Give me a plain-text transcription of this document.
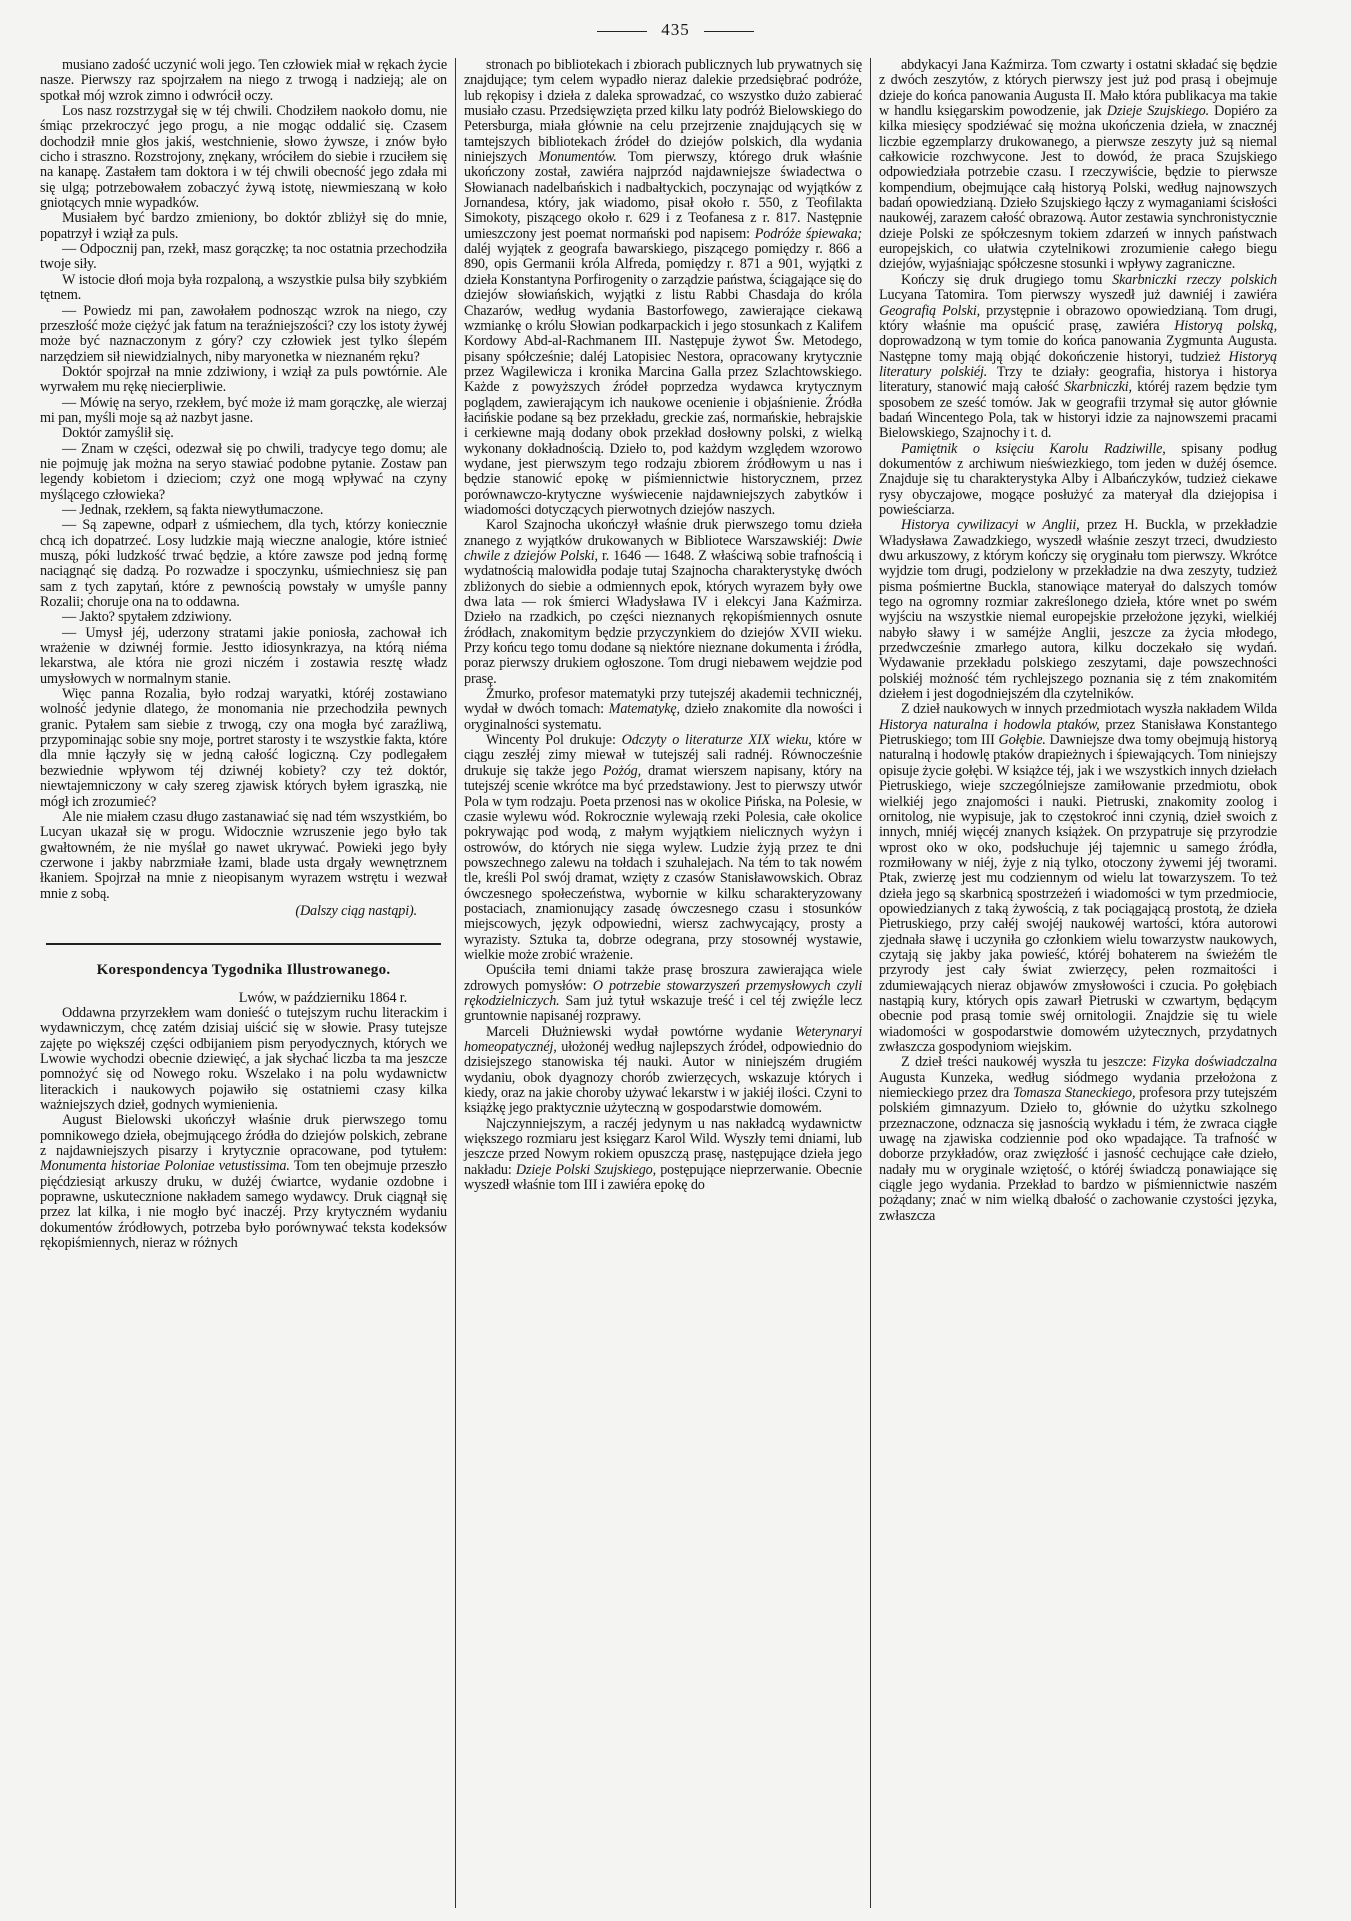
435

musiano zadość uczynić woli jego. Ten człowiek miał w rękach życie nasze. Pierwszy raz spojrzałem na niego z trwogą i nadzieją; ale on spotkał mój wzrok zimno i odwrócił oczy.

Los nasz rozstrzygał się w téj chwili. Chodziłem naokoło domu, nie śmiąc przekroczyć jego progu, a nie mogąc oddalić się. Czasem dochodził mnie głos jakiś, westchnienie, słowo żywsze, i znów było cicho i straszno. Rozstrojony, znękany, wróciłem do siebie i rzuciłem się na kanapę. Zastałem tam doktora i w téj chwili obecność jego zdała mi się ulgą; potrzebowałem zobaczyć żywą istotę, niewmieszaną w koło gniotących mnie wypadków.

Musiałem być bardzo zmieniony, bo doktór zbliżył się do mnie, popatrzył i wziął za puls.

— Odpocznij pan, rzekł, masz gorączkę; ta noc ostatnia przechodziła twoje siły.

W istocie dłoń moja była rozpaloną, a wszystkie pulsa biły szybkiém tętnem.

— Powiedz mi pan, zawołałem podnosząc wzrok na niego, czy przeszłość może ciężyć jak fatum na teraźniejszości? czy los istoty żywéj może być naznaczonym z góry? czy człowiek jest tylko ślepém narzędziem sił niewidzialnych, niby maryonetka w nieznaném ręku?

Doktór spojrzał na mnie zdziwiony, i wziął za puls powtórnie. Ale wyrwałem mu rękę niecierpliwie.

— Mówię na seryo, rzekłem, być może iż mam gorączkę, ale wierzaj mi pan, myśli moje są aż nazbyt jasne.

Doktór zamyślił się.

— Znam w części, odezwał się po chwili, tradycye tego domu; ale nie pojmuję jak można na seryo stawiać podobne pytanie. Zostaw pan legendy kobietom i dzieciom; czyż one mogą wpływać na czyny myślącego człowieka?

— Jednak, rzekłem, są fakta niewytłumaczone.

— Są zapewne, odparł z uśmiechem, dla tych, którzy koniecznie chcą ich dopatrzeć. Losy ludzkie mają wieczne analogie, które istnieć muszą, póki ludzkość trwać będzie, a które zawsze pod jedną formę naciągnąć się dadzą. Po rozwadze i spoczynku, uśmiechniesz się pan sam z tych zapytań, które z pewnością powstały w umyśle panny Rozalii; choruje ona na to oddawna.

— Jakto? spytałem zdziwiony.

— Umysł jéj, uderzony stratami jakie poniosła, zachował ich wrażenie w dziwnéj formie. Jestto idiosynkrazya, na którą niéma lekarstwa, ale która nie grozi niczém i zostawia resztę władz umysłowych w normalnym stanie.

Więc panna Rozalia, było rodzaj waryatki, któréj zostawiano wolność jedynie dlatego, że monomania nie przechodziła pewnych granic. Pytałem sam siebie z trwogą, czy ona mogła być zaraźliwą, przypominając sobie sny moje, portret starosty i te wszystkie fakta, które dla mnie łączyły się w jedną całość logiczną. Czy podlegałem bezwiednie wpływom téj dziwnéj kobiety? czy też doktór, niewtajemniczony w cały szereg zjawisk których byłem igraszką, nie mógł ich zrozumieć?

Ale nie miałem czasu długo zastanawiać się nad tém wszystkiém, bo Lucyan ukazał się w progu. Widocznie wzruszenie jego było tak gwałtowném, że nie myślał go nawet ukrywać. Powieki jego były czerwone i jakby nabrzmiałe łzami, blade usta drgały wewnętrznem łkaniem. Spojrzał na mnie z nieopisanym wyrazem wstrętu i wezwał mnie z sobą.

(Dalszy ciąg nastąpi).

Korespondencya Tygodnika Illustrowanego.

Lwów, w październiku 1864 r.

Oddawna przyrzekłem wam donieść o tutejszym ruchu literackim i wydawniczym, chcę zatém dzisiaj uiścić się w słowie. Prasy tutejsze zajęte po większéj części odbijaniem pism peryodycznych, których we Lwowie wychodzi obecnie dziewięć, a jak słychać liczba ta ma jeszcze pomnożyć się od Nowego roku. Wszelako i na polu wydawnictw literackich i naukowych pojawiło się ostatniemi czasy kilka ważniejszych dzieł, godnych wymienienia.

August Bielowski ukończył właśnie druk pierwszego tomu pomnikowego dzieła, obejmującego źródła do dziejów polskich, zebrane z najdawniejszych pisarzy i krytycznie opracowane, pod tytułem: Monumenta historiae Poloniae vetustissima. Tom ten obejmuje przeszło pięćdziesiąt arkuszy druku, w dużéj ćwiartce, wydanie ozdobne i poprawne, uskutecznione nakładem samego wydawcy. Druk ciągnął się przez lat kilka, i nie mogło być inaczéj. Przy krytyczném wydaniu dokumentów źródłowych, potrzeba było porównywać teksta kodeksów rękopiśmiennych, nieraz w różnych

stronach po bibliotekach i zbiorach publicznych lub prywatnych się znajdujące; tym celem wypadło nieraz dalekie przedsiębrać podróże, lub rękopisy i dzieła z daleka sprowadzać, co wszystko dużo zabierać musiało czasu. Przedsięwzięta przed kilku laty podróż Bielowskiego do Petersburga, miała głównie na celu przejrzenie znajdujących się w tamtejszych bibliotekach źródeł do dziejów polskich, dla wydania niniejszych Monumentów. Tom pierwszy, którego druk właśnie ukończony został, zawiéra najprzód najdawniejsze świadectwa o Słowianach nadelbańskich i nadbałtyckich, poczynając od wyjątków z Jornandesa, który, jak wiadomo, pisał około r. 550, z Teofilakta Simokoty, piszącego około r. 629 i z Teofanesa z r. 817. Następnie umieszczony jest poemat normański pod napisem: Podróże śpiewaka; daléj wyjątek z geografa bawarskiego, piszącego pomiędzy r. 866 a 890, opis Germanii króla Alfreda, pomiędzy r. 871 a 901, wyjątki z dzieła Konstantyna Porfirogenity o zarządzie państwa, ściągające się do dziejów słowiańskich, wyjątki z listu Rabbi Chasdaja do króla Chazarów, według wydania Bastorfowego, zawierające ciekawą wzmiankę o królu Słowian podkarpackich i jego stosunkach z Kalifem Kordowy Abd-al-Rachmanem III. Następuje żywot Św. Metodego, pisany spółcześnie; daléj Latopisiec Nestora, opracowany krytycznie przez Wagilewicza i kronika Marcina Galla przez Szlachtowskiego. Każde z powyższych źródeł poprzedza wydawca krytycznym poglądem, zawierającym ich naukowe ocenienie i objaśnienie. Źródła łacińskie podane są bez przekładu, greckie zaś, normańskie, hebrajskie i cerkiewne mają dodany obok przekład dosłowny polski, z wielką wykonany dokładnością. Dzieło to, pod każdym względem wzorowo wydane, jest pierwszym tego rodzaju zbiorem źródłowym u nas i będzie stanowić epokę w piśmiennictwie historycznem, przez porównawczo-krytyczne wyświecenie najdawniejszych zabytków i wiadomości dotyczących pierwotnych dziejów naszych.

Karol Szajnocha ukończył właśnie druk pierwszego tomu dzieła znanego z wyjątków drukowanych w Bibliotece Warszawskiéj: Dwie chwile z dziejów Polski, r. 1646 — 1648. Z właściwą sobie trafnością i wydatnością malowidła podaje tutaj Szajnocha charakterystykę dwóch zbliżonych do siebie a odmiennych epok, których wyrazem były owe dwa lata — rok śmierci Władysława IV i elekcyi Jana Kaźmirza. Dzieło na rzadkich, po części nieznanych rękopiśmiennych osnute źródłach, znakomitym będzie przyczynkiem do dziejów XVII wieku. Przy końcu tego tomu dodane są niektóre nieznane dokumenta i źródła, poraz pierwszy drukiem ogłoszone. Tom drugi niebawem wejdzie pod prasę.

Żmurko, profesor matematyki przy tutejszéj akademii technicznéj, wydał w dwóch tomach: Matematykę, dzieło znakomite dla nowości i oryginalności systematu.

Wincenty Pol drukuje: Odczyty o literaturze XIX wieku, które w ciągu zeszłéj zimy miewał w tutejszéj sali radnéj. Równocześnie drukuje się także jego Pożóg, dramat wierszem napisany, który na tutejszéj scenie wkrótce ma być przedstawiony. Jest to pierwszy utwór Pola w tym rodzaju. Poeta przenosi nas w okolice Pińska, na Polesie, w czasie wylewu wód. Rokrocznie wylewają rzeki Polesia, całe okolice pokrywając pod wodą, z małym wyjątkiem nielicznych wyżyn i ostrowów, do których nie sięga wylew. Ludzie żyją przez te dni powszechnego zalewu na tołdach i szuhalejach. Na tém to tak nowém tle, kreśli Pol swój dramat, wzięty z czasów Stanisławowskich. Obraz ówczesnego społeczeństwa, wybornie w kilku scharakteryzowany postaciach, znamionujący zasadę ówczesnego czasu i stosunków miejscowych, język odpowiedni, wiersz zachwycający, prosty a wyrazisty. Sztuka ta, dobrze odegrana, przy stosownéj wystawie, wielkie może zrobić wrażenie.

Opuściła temi dniami także prasę broszura zawierająca wiele zdrowych pomysłów: O potrzebie stowarzyszeń przemysłowych czyli rękodzielniczych. Sam już tytuł wskazuje treść i cel téj zwięźle lecz gruntownie napisanéj rozprawy.

Marceli Dłużniewski wydał powtórne wydanie Weterynaryi homeopatycznéj, ułożonéj według najlepszych źródeł, odpowiednio do dzisiejszego stanowiska téj nauki. Autor w niniejszém drugiém wydaniu, obok dyagnozy chorób zwierzęcych, wskazuje których i kiedy, oraz na jakie choroby używać lekarstw i w jakiéj ilości. Czyni to książkę jego praktycznie użyteczną w gospodarstwie domowém.

Najczynniejszym, a raczéj jedynym u nas nakładcą wydawnictw większego rozmiaru jest księgarz Karol Wild. Wyszły temi dniami, lub jeszcze przed Nowym rokiem opuszczą prasę, następujące dzieła jego nakładu: Dzieje Polski Szujskiego, postępujące nieprzerwanie. Obecnie wyszedł właśnie tom III i zawiéra epokę do

abdykacyi Jana Kaźmirza. Tom czwarty i ostatni składać się będzie z dwóch zeszytów, z których pierwszy jest już pod prasą i obejmuje dzieje do końca panowania Augusta II. Mało która publikacya ma takie w handlu księgarskim powodzenie, jak Dzieje Szujskiego. Dopiéro za kilka miesięcy spodziéwać się można ukończenia dzieła, w znacznéj liczbie egzemplarzy drukowanego, a pierwsze zeszyty już są niemal całkowicie rozchwycone. Jest to dowód, że praca Szujskiego odpowiedziała potrzebie czasu. I rzeczywiście, będzie to pierwsze kompendium, obejmujące całą historyą Polski, według najnowszych badań opowiedzianą. Dzieło Szujskiego łączy z wymaganiami ścisłości naukowéj, zarazem całość obrazową. Autor zestawia synchronistycznie dzieje Polski ze spółczesnym tokiem zdarzeń w innych państwach europejskich, co ułatwia czytelnikowi zrozumienie całego biegu dziejów, wyjaśniając spółczesne stosunki i wpływy zagraniczne.

Kończy się druk drugiego tomu Skarbniczki rzeczy polskich Lucyana Tatomira. Tom pierwszy wyszedł już dawniéj i zawiéra Geografią Polski, przystępnie i obrazowo opowiedzianą. Tom drugi, który właśnie ma opuścić prasę, zawiéra Historyą polską, doprowadzoną w tym tomie do końca panowania Zygmunta Augusta. Następne tomy mają objąć dokończenie historyi, tudzież Historyą literatury polskiéj. Trzy te działy: geografia, historya i historya literatury, stanowić mają całość Skarbniczki, któréj razem będzie tym sposobem ze sześć tomów. Jak w geografii trzymał się autor głównie badań Wincentego Pola, tak w historyi idzie za najnowszemi pracami Bielowskiego, Szajnochy i t. d.

Pamiętnik o księciu Karolu Radziwille, spisany podług dokumentów z archiwum nieświezkiego, tom jeden w dużéj ósemce. Znajduje się tu charakterystyka Alby i Albańczyków, tudzież ciekawe rysy obyczajowe, mogące posłużyć za materyał dla dziejopisa i powieściarza.

Historya cywilizacyi w Anglii, przez H. Buckla, w przekładzie Władysława Zawadzkiego, wyszedł właśnie zeszyt trzeci, dwudziesto dwu arkuszowy, z którym kończy się oryginału tom pierwszy. Wkrótce wyjdzie tom drugi, podzielony w przekładzie na dwa zeszyty, tudzież pisma pośmiertne Buckla, stanowiące materyał do dalszych tomów tego na ogromny rozmiar zakreślonego dzieła, które wnet po swém wyjściu na wszystkie niemal europejskie przełożone języki, wielkiéj nabyło sławy i w saméjże Anglii, jeszcze za życia młodego, przedwcześnie zmarłego autora, kilku doczekało się wydań. Wydawanie przekładu polskiego zeszytami, daje powszechności polskiéj możność tém rychlejszego poznania się z tém znakomitém dziełem i jest dogodniejszém dla czytelników.

Z dzieł naukowych w innych przedmiotach wyszła nakładem Wilda Historya naturalna i hodowla ptaków, przez Stanisława Konstantego Pietruskiego; tom III Gołębie. Dawniejsze dwa tomy obejmują historyą naturalną i hodowlę ptaków drapieżnych i śpiewających. Tom niniejszy opisuje życie gołębi. W książce téj, jak i we wszystkich innych dziełach Pietruskiego, wieje szczególniejsze zamiłowanie przedmiotu, obok wielkiéj jego znajomości i nauki. Pietruski, znakomity zoolog i ornitolog, nie wypisuje, jak to częstokroć inni czynią, dzieł swoich z innych, mniéj więcéj znanych książek. On przypatruje się przyrodzie wprost oko w oko, podsłuchuje jéj tajemnic u samego źródła, rozmiłowany w niéj, żyje z nią tylko, otoczony żywemi jéj tworami. Ptak, zwierzę jest mu codziennym od wielu lat towarzyszem. To też dzieła jego są skarbnicą spostrzeżeń i wiadomości w tym przedmiocie, opowiedzianych z taką żywością, z tak pociągającą prostotą, że dzieła Pietruskiego, przy całéj swojéj naukowéj wartości, która autorowi zjednała sławę i uczyniła go członkiem wielu towarzystw naukowych, czytają się jakby jaka powieść, któréj bohaterem na świeżém tle przyrody jest cały świat zwierzęcy, pełen rozmaitości i zdumiewających nieraz objawów zmysłowości i czucia. Po gołębiach nastąpią kury, których opis zawarł Pietruski w czwartym, będącym obecnie pod prasą tomie swéj ornitologii. Znajdzie się tu wiele wiadomości w gospodarstwie domowém użytecznych, przydatnych zwłaszcza gospodyniom wiejskim.

Z dzieł treści naukowéj wyszła tu jeszcze: Fizyka doświadczalna Augusta Kunzeka, według siódmego wydania przełożona z niemieckiego przez dra Tomasza Staneckiego, profesora przy tutejszém polskiém gimnazyum. Dzieło to, głównie do użytku szkolnego przeznaczone, odznacza się jasnością wykładu i tém, że zwraca ciągłe uwagę na zjawiska codziennie pod oko wpadające. Ta trafność w doborze przykładów, oraz zwięzłość i jasność cechujące całe dzieło, nadały mu w oryginale wziętość, o któréj świadczą ponawiające się ciągle jego wydania. Przekład to bardzo w piśmiennictwie naszém pożądany; znać w nim wielką dbałość o zachowanie czystości języka, zwłaszcza
